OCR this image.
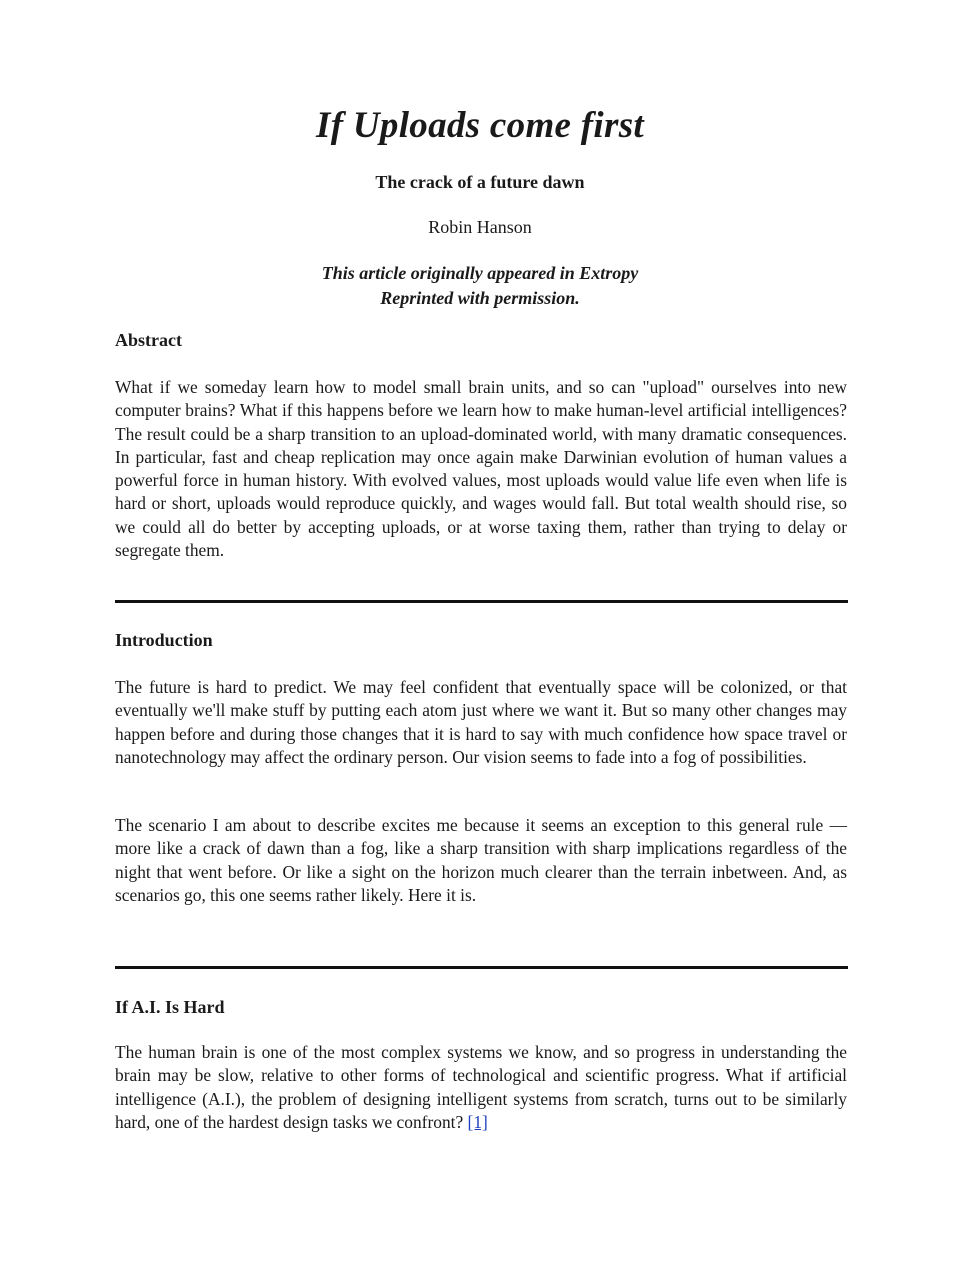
If Uploads come first

The crack of a future dawn

Robin Hanson

This article originally appeared in Extropy
Reprinted with permission.

Abstract

What if we someday learn how to model small brain units, and so can "upload" ourselves into new computer brains? What if this happens before we learn how to make human-level artificial intelligences? The result could be a sharp transition to an upload-dominated world, with many dramatic consequences. In particular, fast and cheap replication may once again make Darwinian evolution of human values a powerful force in human history. With evolved values, most uploads would value life even when life is hard or short, uploads would reproduce quickly, and wages would fall. But total wealth should rise, so we could all do better by accepting uploads, or at worse taxing them, rather than trying to delay or segregate them.

Introduction

The future is hard to predict. We may feel confident that eventually space will be colonized, or that eventually we'll make stuff by putting each atom just where we want it. But so many other changes may happen before and during those changes that it is hard to say with much confidence how space travel or nanotechnology may affect the ordinary person. Our vision seems to fade into a fog of possibilities.

The scenario I am about to describe excites me because it seems an exception to this general rule — more like a crack of dawn than a fog, like a sharp transition with sharp implications regardless of the night that went before. Or like a sight on the horizon much clearer than the terrain inbetween. And, as scenarios go, this one seems rather likely. Here it is.

If A.I. Is Hard

The human brain is one of the most complex systems we know, and so progress in understanding the brain may be slow, relative to other forms of technological and scientific progress. What if artificial intelligence (A.I.), the problem of designing intelligent systems from scratch, turns out to be similarly hard, one of the hardest design tasks we confront? [1]
